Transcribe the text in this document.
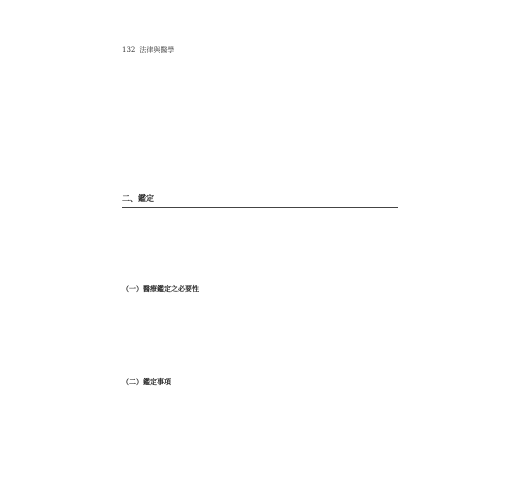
132 法律與醫學

二、鑑定

（一）醫療鑑定之必要性

（二）鑑定事項
